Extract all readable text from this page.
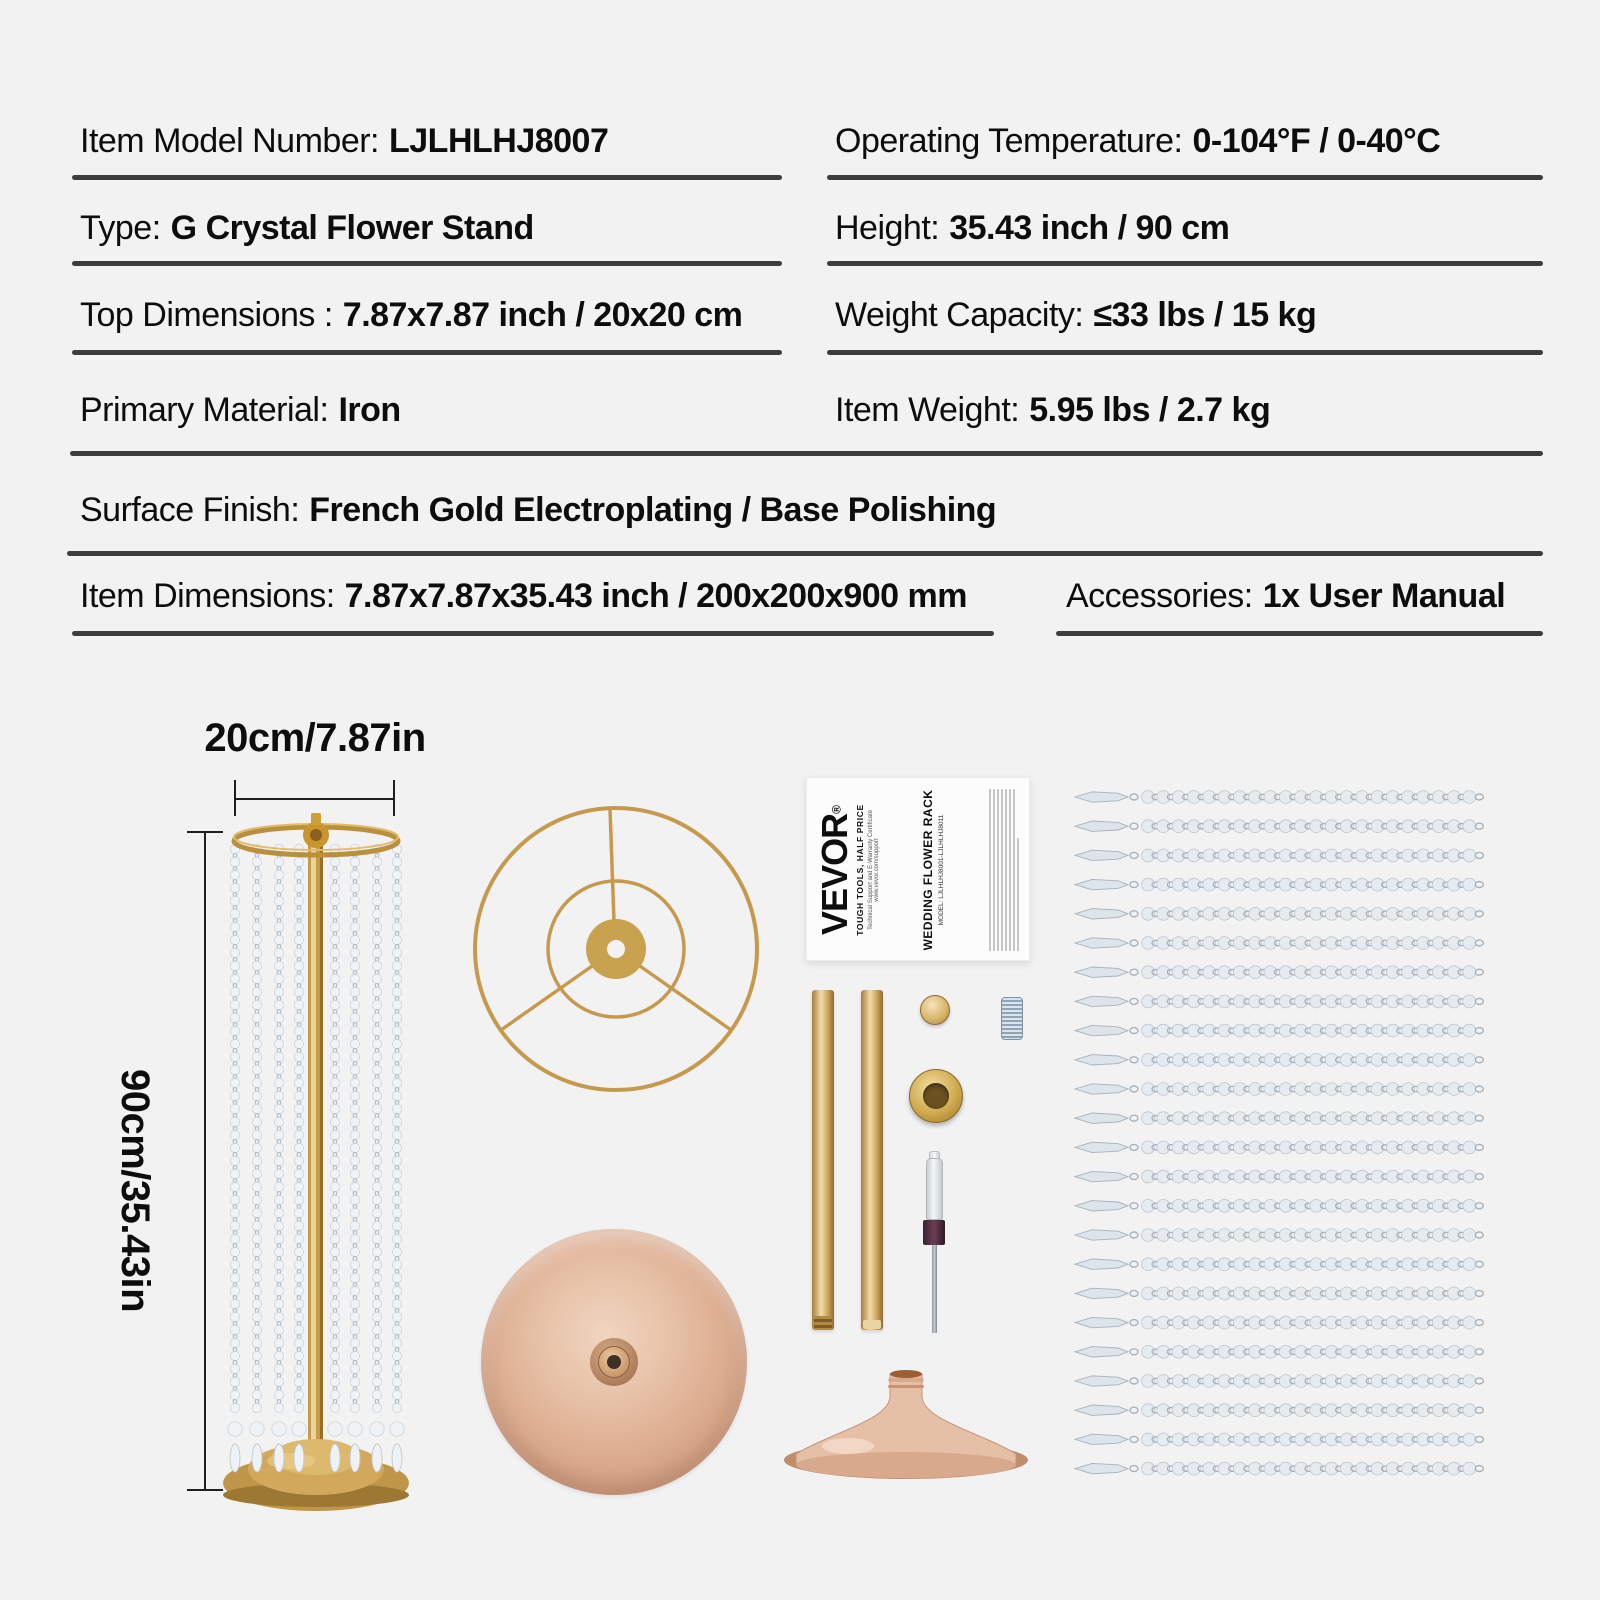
Item Model Number: LJLHLHJ8007	Operating Temperature: 0-104°F / 0-40°C
Type: G Crystal Flower Stand	Height: 35.43 inch / 90 cm
Top Dimensions : 7.87x7.87 inch / 20x20 cm	Weight Capacity: ≤33 lbs / 15 kg
Primary Material: Iron	Item Weight: 5.95 lbs / 2.7 kg
Surface Finish: French Gold Electroplating / Base Polishing
Item Dimensions: 7.87x7.87x35.43 inch / 200x200x900 mm	Accessories: 1x User Manual
20cm/7.87in
90cm/35.43in
VEVOR® TOUGH TOOLS, HALF PRICE Technical Support and E-Warranty Certificate www.vevor.com/support	WEDDING FLOWER RACK MODEL: LJLHLHJ8001-LJLHLHJ8011
